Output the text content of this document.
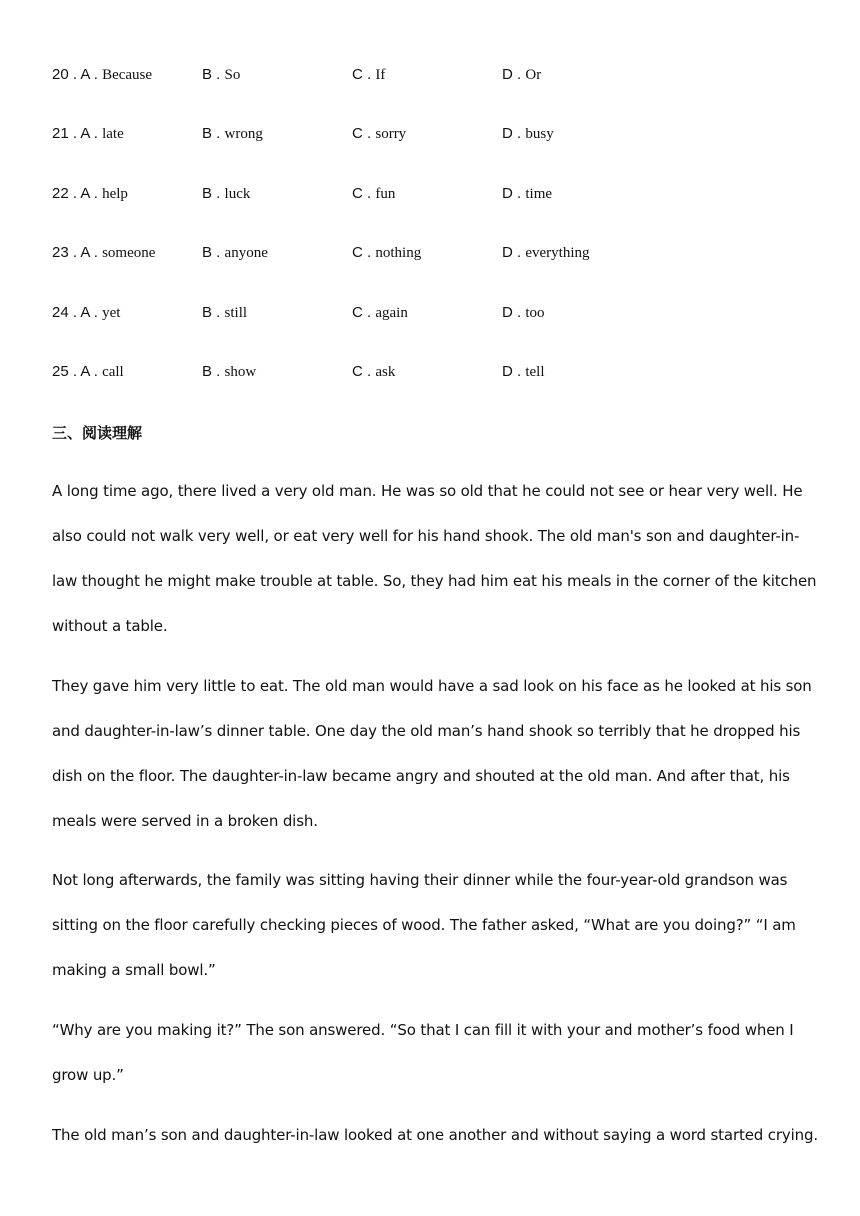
20 . A . Because	B . So	C . If	D . Or
21 . A . late	B . wrong	C . sorry	D . busy
22 . A . help	B . luck	C . fun	D . time
23 . A . someone	B . anyone	C . nothing	D . everything
24 . A . yet	B . still	C . again	D . too
25 . A . call	B . show	C . ask	D . tell
三、阅读理解

A long time ago, there lived a very old man. He was so old that he could not see or hear very well. He also could not walk very well, or eat very well for his hand shook. The old man's son and daughter-in-law thought he might make trouble at table. So, they had him eat his meals in the corner of the kitchen without a table.

They gave him very little to eat. The old man would have a sad look on his face as he looked at his son and daughter-in-law’s dinner table. One day the old man’s hand shook so terribly that he dropped his dish on the floor. The daughter-in-law became angry and shouted at the old man. And after that, his meals were served in a broken dish.

Not long afterwards, the family was sitting having their dinner while the four-year-old grandson was sitting on the floor carefully checking pieces of wood. The father asked, “What are you doing?” “I am making a small bowl.”

“Why are you making it?” The son answered. “So that I can fill it with your and mother’s food when I grow up.”

The old man’s son and daughter-in-law looked at one another and without saying a word started crying.
